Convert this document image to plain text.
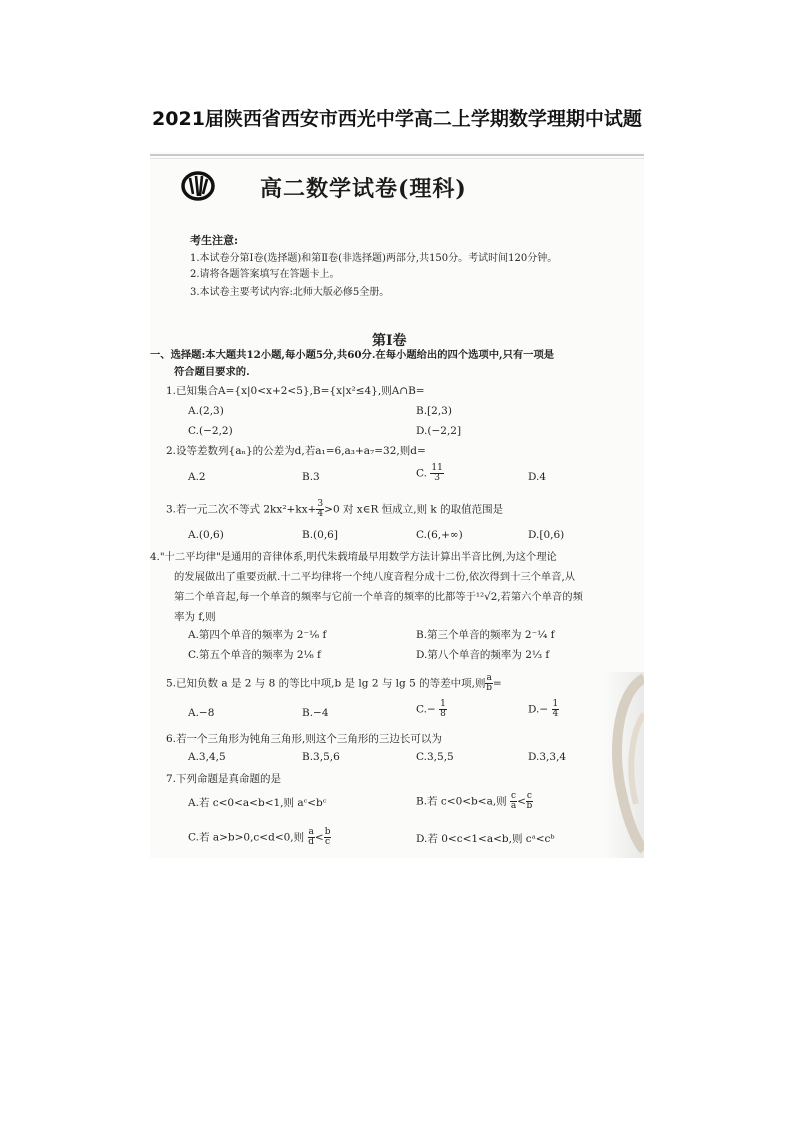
2021届陕西省西安市西光中学高二上学期数学理期中试题
高二数学试卷(理科)
考生注意:
1.本试卷分第Ⅰ卷(选择题)和第Ⅱ卷(非选择题)两部分,共150分。考试时间120分钟。
2.请将各题答案填写在答题卡上。
3.本试卷主要考试内容:北师大版必修5全册。
第Ⅰ卷
一、选择题:本大题共12小题,每小题5分,共60分.在每小题给出的四个选项中,只有一项是
符合题目要求的.
1.已知集合A={x|0<x+2<5},B={x|x²≤4},则A∩B=
A.(2,3)	B.[2,3)
C.(−2,2)	D.(−2,2]
2.设等差数列{aₙ}的公差为d,若a₁=6,a₃+a₇=32,则d=
A.2	B.3	C. $\frac{11}{3}$	D.4
3.若一元二次不等式 $2kx^2+kx+ \frac{3}{4} >0$ 对 x∈R 恒成立,则 k 的取值范围是
A.(0,6)	B.(0,6]	C.(6,+∞)	D.[0,6)
4."十二平均律"是通用的音律体系,明代朱载堉最早用数学方法计算出半音比例,为这个理论
的发展做出了重要贡献.十二平均律将一个纯八度音程分成十二份,依次得到十三个单音,从
第二个单音起,每一个单音的频率与它前一个单音的频率的比都等于¹²√2,若第六个单音的频
率为 f,则
A.第四个单音的频率为 2⁻¹⁄₆ f	B.第三个单音的频率为 2⁻¹⁄₄ f
C.第五个单音的频率为 2¹⁄₆ f	D.第八个单音的频率为 2¹⁄₃ f
5.已知负数 a 是 2 与 8 的等比中项,b 是 lg 2 与 lg 5 的等差中项,则 $\frac{a}{b}$ =
A.−8	B.−4	$C.- \frac{1}{8}$	$D.- \frac{1}{4}$
6.若一个三角形为钝角三角形,则这个三角形的三边长可以为
A.3,4,5	B.3,5,6	C.3,5,5	D.3,3,4
7.下列命题是真命题的是
A.若 c<0<a<b<1,则 aᶜ<bᶜ	B.若 c<0<b<a,则 $\frac{c}{a} < \frac{c}{b}$
C.若 a>b>0,c<d<0,则 $\frac{a}{d} < \frac{b}{c}$	D.若 0<c<1<a<b,则 cᵃ<cᵇ
